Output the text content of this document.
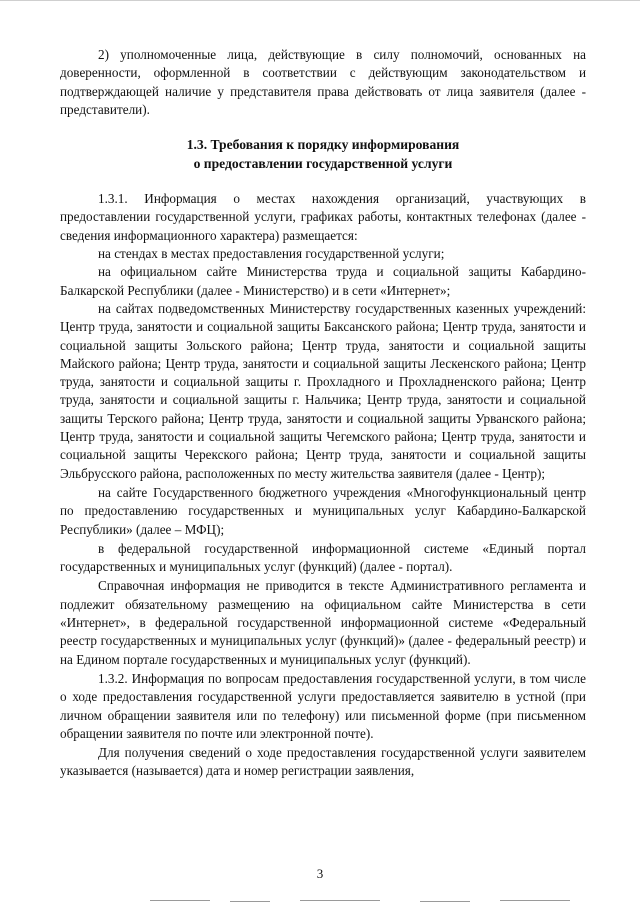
2) уполномоченные лица, действующие в силу полномочий, основанных на доверенности, оформленной в соответствии с действующим законодательством и подтверждающей наличие у представителя права действовать от лица заявителя (далее - представители).

1.3. Требования к порядку информирования
о предоставлении государственной услуги

1.3.1. Информация о местах нахождения организаций, участвующих в предоставлении государственной услуги, графиках работы, контактных телефонах (далее - сведения информационного характера) размещается:

на стендах в местах предоставления государственной услуги;

на официальном сайте Министерства труда и социальной защиты Кабардино-Балкарской Республики (далее - Министерство) и в сети «Интернет»;

на сайтах подведомственных Министерству государственных казенных учреждений: Центр труда, занятости и социальной защиты Баксанского района; Центр труда, занятости и социальной защиты Зольского района; Центр труда, занятости и социальной защиты Майского района; Центр труда, занятости и социальной защиты Лескенского района; Центр труда, занятости и социальной защиты г. Прохладного и Прохладненского района; Центр труда, занятости и социальной защиты г. Нальчика; Центр труда, занятости и социальной защиты Терского района; Центр труда, занятости и социальной защиты Урванского района; Центр труда, занятости и социальной защиты Чегемского района; Центр труда, занятости и социальной защиты Черекского района; Центр труда, занятости и социальной защиты Эльбрусского района, расположенных по месту жительства заявителя (далее - Центр);

на сайте Государственного бюджетного учреждения «Многофункциональный центр по предоставлению государственных и муниципальных услуг Кабардино-Балкарской Республики» (далее – МФЦ);

в федеральной государственной информационной системе «Единый портал государственных и муниципальных услуг (функций) (далее - портал).

Справочная информация не приводится в тексте Административного регламента и подлежит обязательному размещению на официальном сайте Министерства в сети «Интернет», в федеральной государственной информационной системе «Федеральный реестр государственных и муниципальных услуг (функций)» (далее - федеральный реестр) и на Едином портале государственных и муниципальных услуг (функций).

1.3.2. Информация по вопросам предоставления государственной услуги, в том числе о ходе предоставления государственной услуги предоставляется заявителю в устной (при личном обращении заявителя или по телефону) или письменной форме (при письменном обращении заявителя по почте или электронной почте).

Для получения сведений о ходе предоставления государственной услуги заявителем указывается (называется) дата и номер регистрации заявления,

3
